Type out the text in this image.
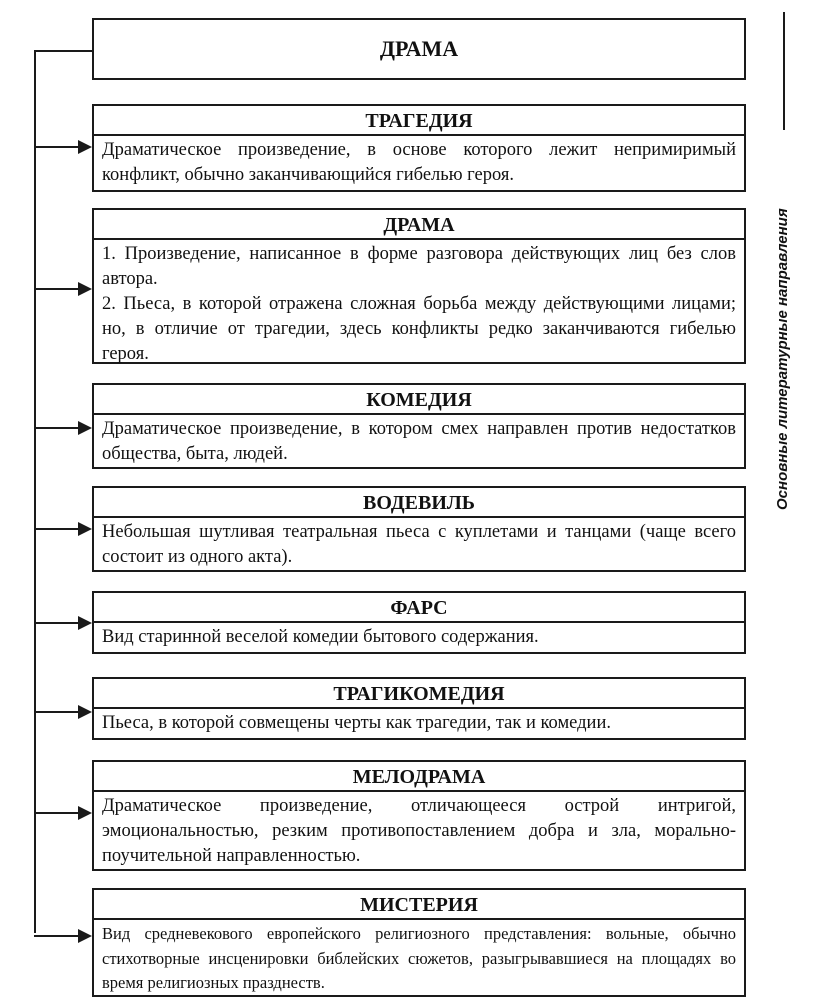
ДРАМА
ТРАГЕДИЯ

Драматическое произведение, в основе которого лежит непримиримый конфликт, обычно заканчивающийся гибелью героя.

ДРАМА

1. Произведение, написанное в форме разговора действующих лиц без слов автора.

2. Пьеса, в которой отражена сложная борьба между действующими лицами; но, в отличие от трагедии, здесь конфликты редко заканчиваются гибелью героя.

КОМЕДИЯ

Драматическое произведение, в котором смех направлен против недостатков общества, быта, людей.

ВОДЕВИЛЬ

Небольшая шутливая театральная пьеса с куплетами и танцами (чаще всего состоит из одного акта).

ФАРС

Вид старинной веселой комедии бытового содержания.

ТРАГИКОМЕДИЯ

Пьеса, в которой совмещены черты как трагедии, так и комедии.

МЕЛОДРАМА

Драматическое произведение, отличающееся острой интригой, эмоциональностью, резким противопоставлением добра и зла, морально-поучительной направленностью.

МИСТЕРИЯ

Вид средневекового европейского религиозного представления: вольные, обычно стихотворные инсценировки библейских сюжетов, разыгрывавшиеся на площадях во время религиозных празднеств.

Основные литературные направления
